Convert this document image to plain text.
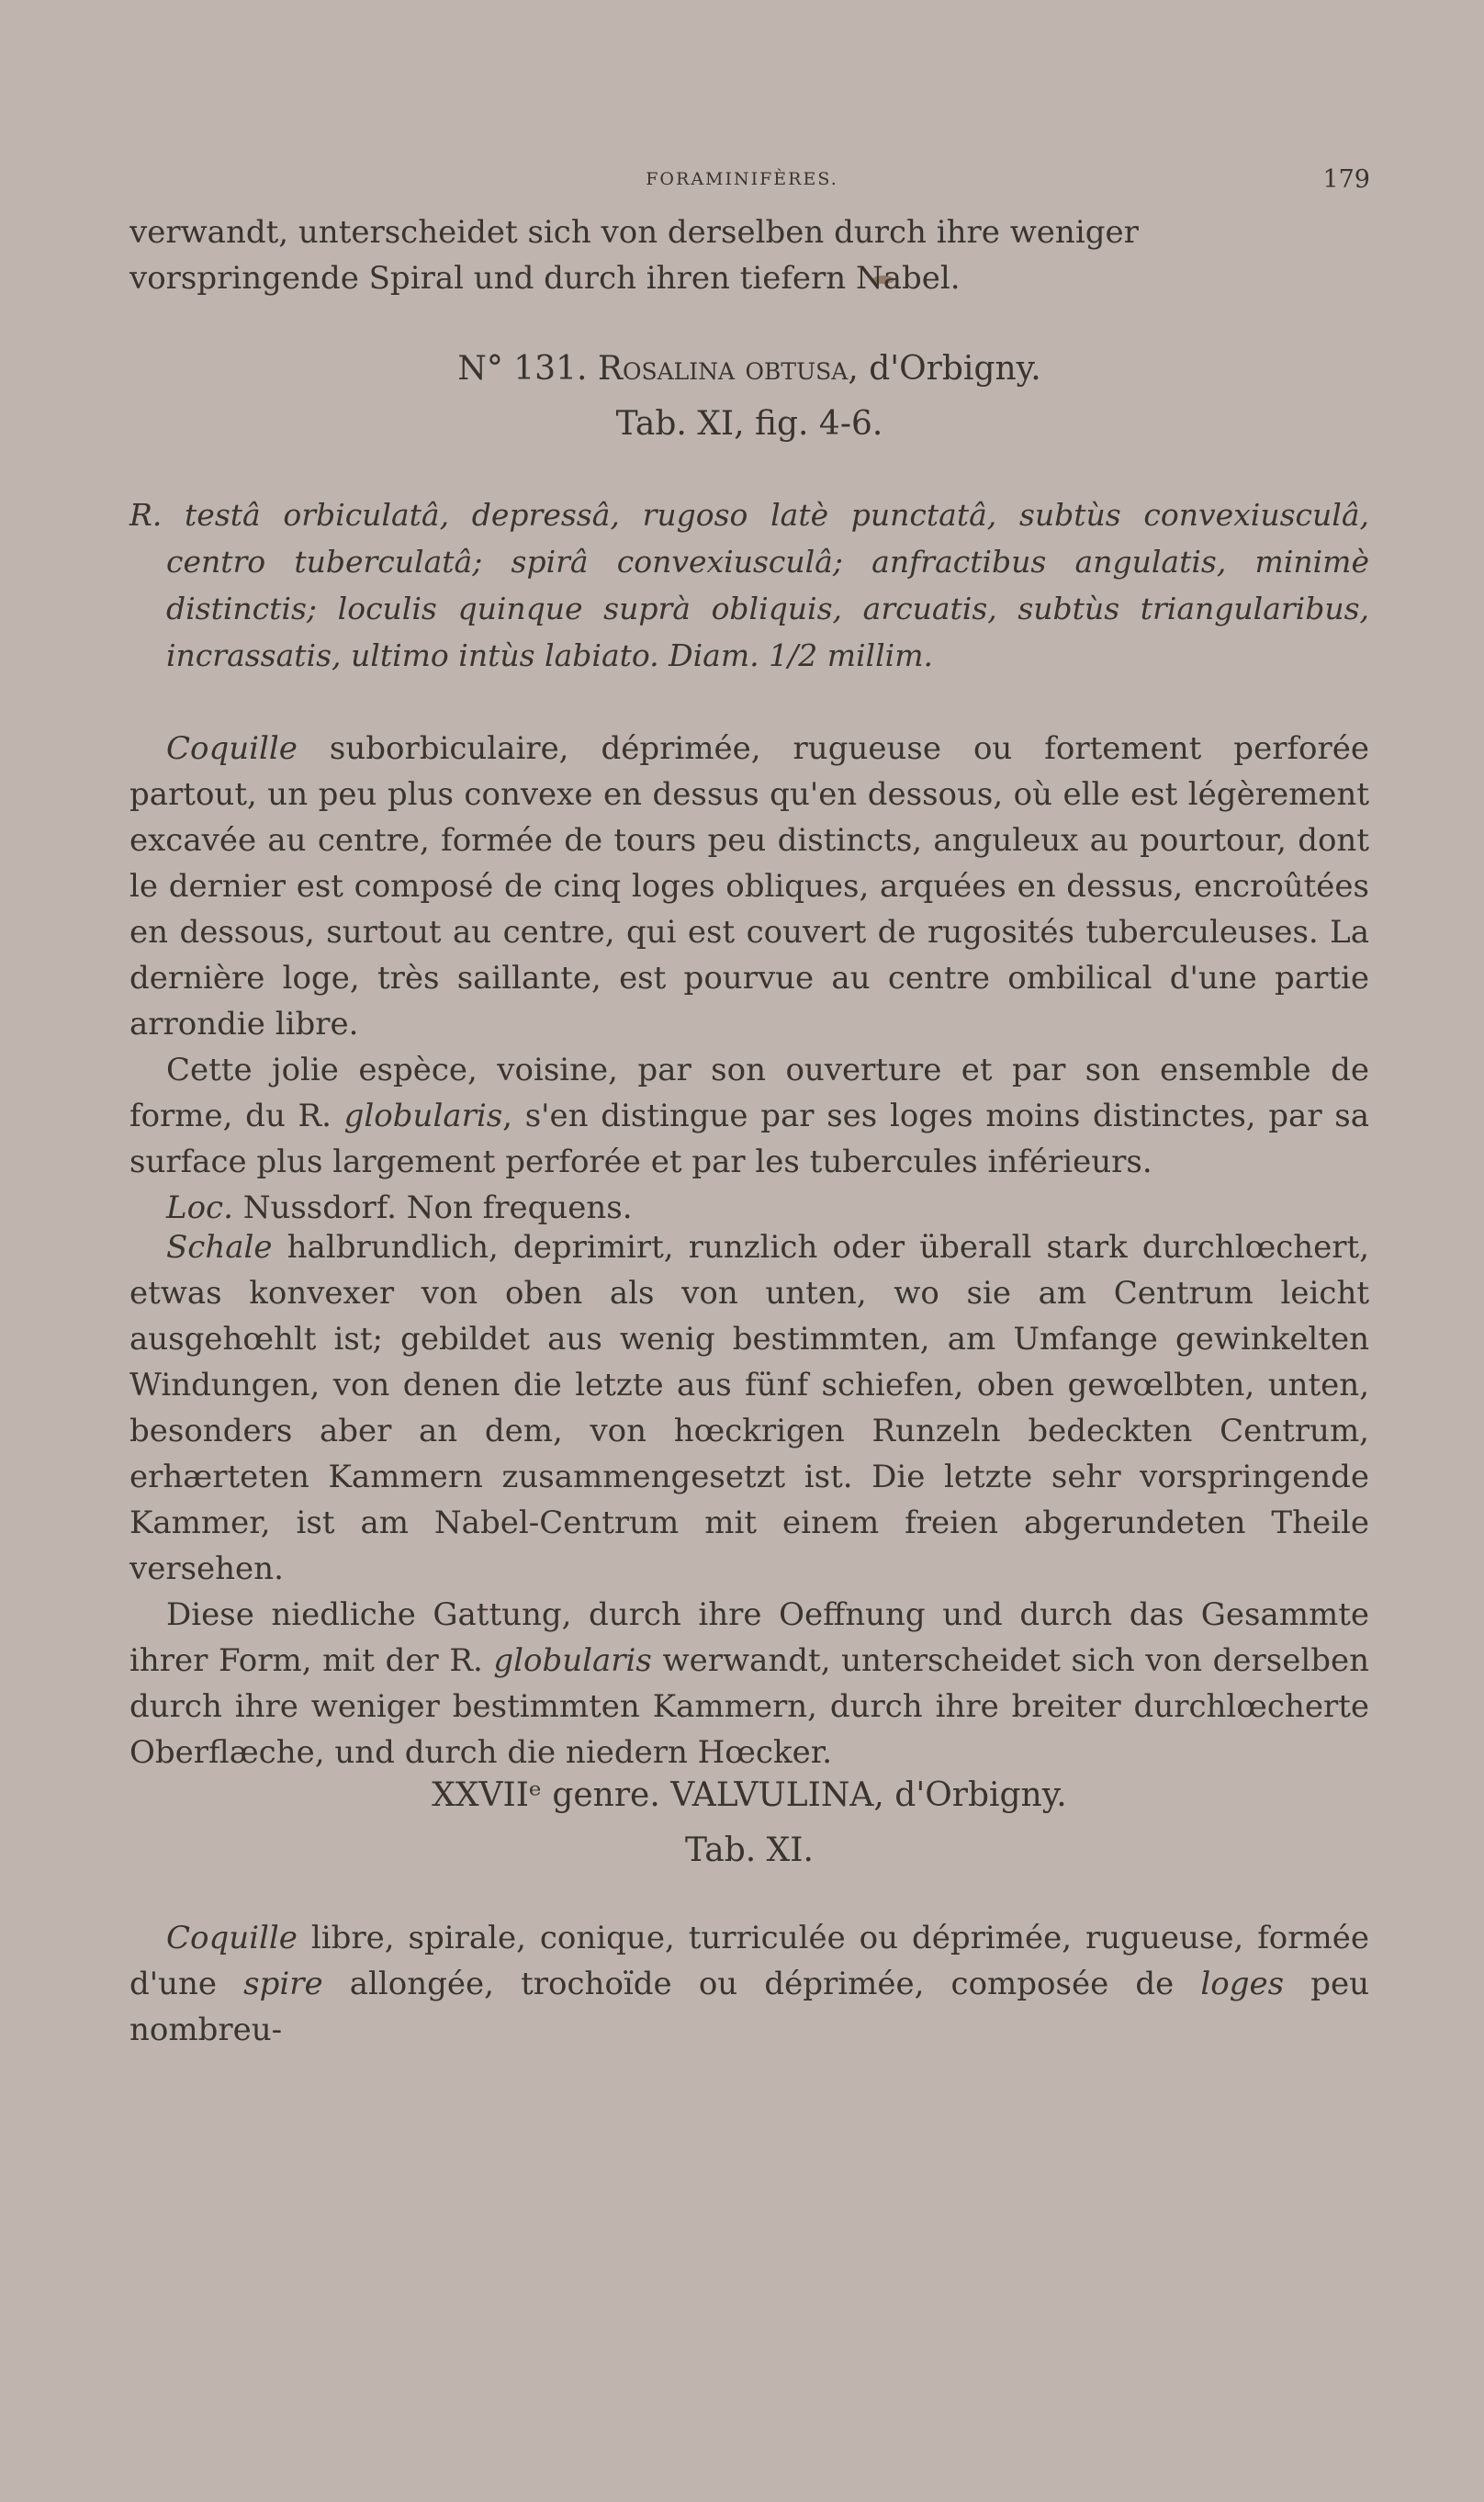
FORAMINIFÈRES.	179

verwandt, unterscheidet sich von derselben durch ihre weniger vorspringende Spiral und durch ihren tiefern Nabel.

N° 131. Rosalina obtusa, d'Orbigny.
Tab. XI, fig. 4-6.

R. testâ orbiculatâ, depressâ, rugoso latè punctatâ, subtùs convexiusculâ, centro tuberculatâ; spirâ convexiusculâ; anfractibus angulatis, minimè distinctis; loculis quinque suprà obliquis, arcuatis, subtùs triangularibus, incrassatis, ultimo intùs labiato. Diam. 1/2 millim.

Coquille suborbiculaire, déprimée, rugueuse ou fortement perforée partout, un peu plus convexe en dessus qu'en dessous, où elle est légèrement excavée au centre, formée de tours peu distincts, anguleux au pourtour, dont le dernier est composé de cinq loges obliques, arquées en dessus, encroûtées en dessous, surtout au centre, qui est couvert de rugosités tuberculeuses. La dernière loge, très saillante, est pourvue au centre ombilical d'une partie arrondie libre.

Cette jolie espèce, voisine, par son ouverture et par son ensemble de forme, du R. globularis, s'en distingue par ses loges moins distinctes, par sa surface plus largement perforée et par les tubercules inférieurs.

Loc. Nussdorf. Non frequens.

Schale halbrundlich, deprimirt, runzlich oder überall stark durchlœchert, etwas konvexer von oben als von unten, wo sie am Centrum leicht ausgehœhlt ist; gebildet aus wenig bestimmten, am Umfange gewinkelten Windungen, von denen die letzte aus fünf schiefen, oben gewœlbten, unten, besonders aber an dem, von hœckrigen Runzeln bedeckten Centrum, erhærteten Kammern zusammengesetzt ist. Die letzte sehr vorspringende Kammer, ist am Nabel-Centrum mit einem freien abgerundeten Theile versehen.

Diese niedliche Gattung, durch ihre Oeffnung und durch das Gesammte ihrer Form, mit der R. globularis werwandt, unterscheidet sich von derselben durch ihre weniger bestimmten Kammern, durch ihre breiter durchlœcherte Oberflæche, und durch die niedern Hœcker.

XXVIIᵉ genre. VALVULINA, d'Orbigny.
Tab. XI.

Coquille libre, spirale, conique, turriculée ou déprimée, rugueuse, formée d'une spire allongée, trochoïde ou déprimée, composée de loges peu nombreu-
